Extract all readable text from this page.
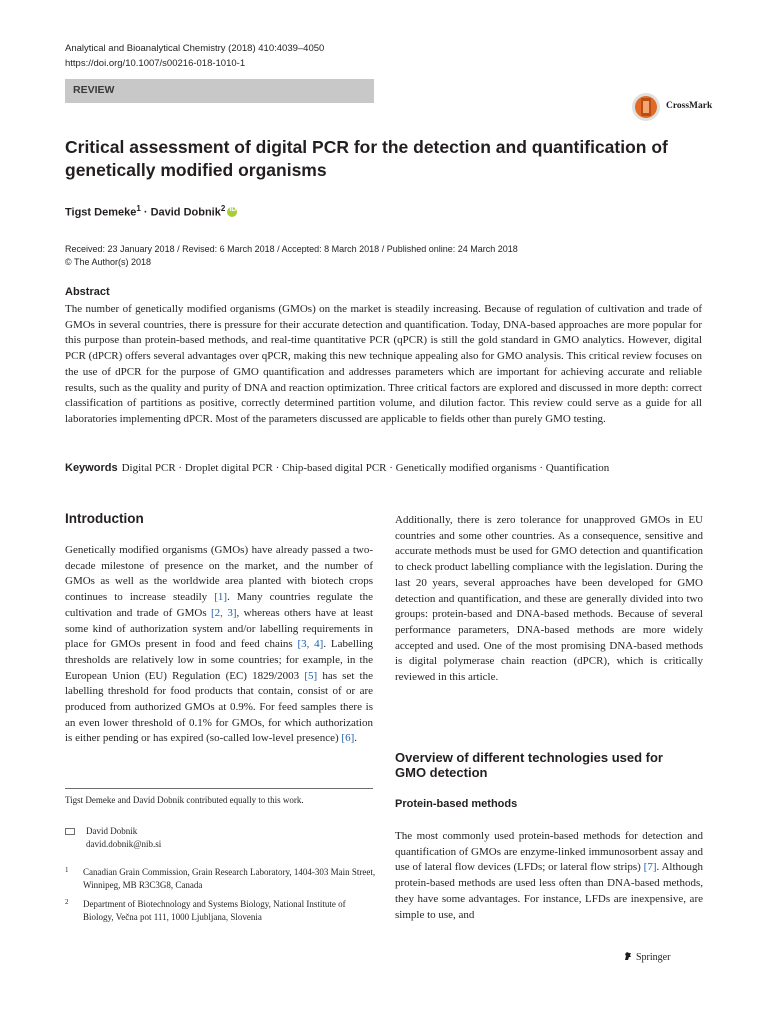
Analytical and Bioanalytical Chemistry (2018) 410:4039–4050
https://doi.org/10.1007/s00216-018-1010-1
REVIEW
CrossMark
Critical assessment of digital PCR for the detection and quantification of genetically modified organisms
Tigst Demeke$^1$ · David Dobnik$^2$ iD
Received: 23 January 2018 / Revised: 6 March 2018 / Accepted: 8 March 2018 / Published online: 24 March 2018
© The Author(s) 2018
Abstract
The number of genetically modified organisms (GMOs) on the market is steadily increasing. Because of regulation of cultivation and trade of GMOs in several countries, there is pressure for their accurate detection and quantification. Today, DNA-based approaches are more popular for this purpose than protein-based methods, and real-time quantitative PCR (qPCR) is still the gold standard in GMO analytics. However, digital PCR (dPCR) offers several advantages over qPCR, making this new technique appealing also for GMO analysis. This critical review focuses on the use of dPCR for the purpose of GMO quantification and addresses parameters which are important for achieving accurate and reliable results, such as the quality and purity of DNA and reaction optimization. Three critical factors are explored and discussed in more depth: correct classification of partitions as positive, correctly determined partition volume, and dilution factor. This review could serve as a guide for all laboratories implementing dPCR. Most of the parameters discussed are applicable to fields other than purely GMO testing.
Keywords Digital PCR · Droplet digital PCR · Chip-based digital PCR · Genetically modified organisms · Quantification
Introduction
Genetically modified organisms (GMOs) have already passed a two-decade milestone of presence on the market, and the number of GMOs as well as the worldwide area planted with biotech crops continues to increase steadily [1]. Many countries regulate the cultivation and trade of GMOs [2, 3], whereas others have at least some kind of authorization system and/or labelling requirements in place for GMOs present in food and feed chains [3, 4]. Labelling thresholds are relatively low in some countries; for example, in the European Union (EU) Regulation (EC) 1829/2003 [5] has set the labelling threshold for food products that contain, consist of or are produced from authorized GMOs at 0.9%. For feed samples there is an even lower threshold of 0.1% for GMOs, for which authorization is either pending or has expired (so-called low-level presence) [6].
Additionally, there is zero tolerance for unapproved GMOs in EU countries and some other countries. As a consequence, sensitive and accurate methods must be used for GMO detection and quantification to check product labelling compliance with the legislation. During the last 20 years, several approaches have been developed for GMO detection and quantification, and these are generally divided into two groups: protein-based and DNA-based methods. Because of several performance parameters, DNA-based methods are more widely accepted and used. One of the most promising DNA-based methods is digital polymerase chain reaction (dPCR), which is critically reviewed in this article.
Overview of different technologies used for GMO detection
Protein-based methods
The most commonly used protein-based methods for detection and quantification of GMOs are enzyme-linked immunosorbent assay and use of lateral flow devices (LFDs; or lateral flow strips) [7]. Although protein-based methods are used less often than DNA-based methods, they have some advantages. For instance, LFDs are inexpensive, are simple to use, and
Tigst Demeke and David Dobnik contributed equally to this work.
David Dobnik
david.dobnik@nib.si
1 Canadian Grain Commission, Grain Research Laboratory, 1404-303 Main Street, Winnipeg, MB R3C3G8, Canada
2 Department of Biotechnology and Systems Biology, National Institute of Biology, Večna pot 111, 1000 Ljubljana, Slovenia
Springer
